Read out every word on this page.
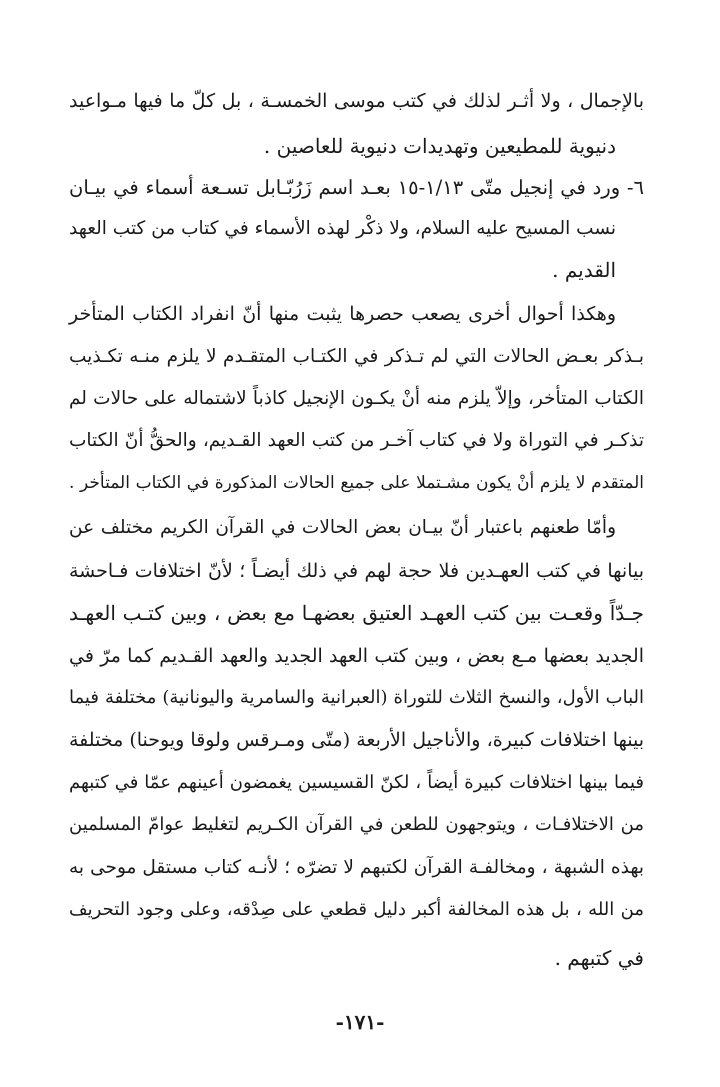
بالإجمال ، ولا أثـر لذلك في كتب موسى الخمسـة ، بل كلّ ما فيها مـواعيد
دنيوية للمطيعين وتهديدات دنيوية للعاصين .
٦- ورد في إنجيل متّى ١/١٣-١٥ بعـد اسم زَرُبّـابل تسـعة أسماء في بيـان
نسب المسيح عليه السلام، ولا ذكْر لهذه الأسماء في كتاب من كتب العهد
القديم .
وهكذا أحوال أخرى يصعب حصرها يثبت منها أنّ انفراد الكتاب المتأخر
بـذكر بعـض الحالات التي لم تـذكر في الكتـاب المتقـدم لا يلزم منـه تكـذيب
الكتاب المتأخر، وإلاّ يلزم منه أنْ يكـون الإنجيل كاذباً لاشتماله على حالات لم
تذكـر في التوراة ولا في كتاب آخـر من كتب العهد القـديم، والحقُّ أنّ الكتاب
المتقدم لا يلزم أنْ يكون مشـتملا على جميع الحالات المذكورة في الكتاب المتأخر .
وأمّا طعنهم باعتبار أنّ بيـان بعض الحالات في القرآن الكريم مختلف عن
بيانها في كتب العهـدين فلا حجة لهم في ذلك أيضـاً ؛ لأنّ اختلافات فـاحشة
جـدّاً وقعـت بين كتب العهـد العتيق بعضهـا مع بعض ، وبين كتـب العهـد
الجديد بعضها مـع بعض ، وبين كتب العهد الجديد والعهد القـديم كما مرّ في
الباب الأول، والنسخ الثلاث للتوراة (العبرانية والسامرية واليونانية) مختلفة فيما
بينها اختلافات كبيرة، والأناجيل الأربعة (متّى ومـرقس ولوقا ويوحنا) مختلفة
فيما بينها اختلافات كبيرة أيضاً ، لكنّ القسيسين يغمضون أعينهم عمّا في كتبهم
من الاختلافـات ، ويتوجهون للطعن في القرآن الكـريم لتغليط عوامّ المسلمين
بهذه الشبهة ، ومخالفـة القرآن لكتبهم لا تضرّه ؛ لأنـه كتاب مستقل موحى به
من الله ، بل هذه المخالفة أكبر دليل قطعي على صِدْقه، وعلى وجود التحريف
في كتبهم .
-١٧١-
